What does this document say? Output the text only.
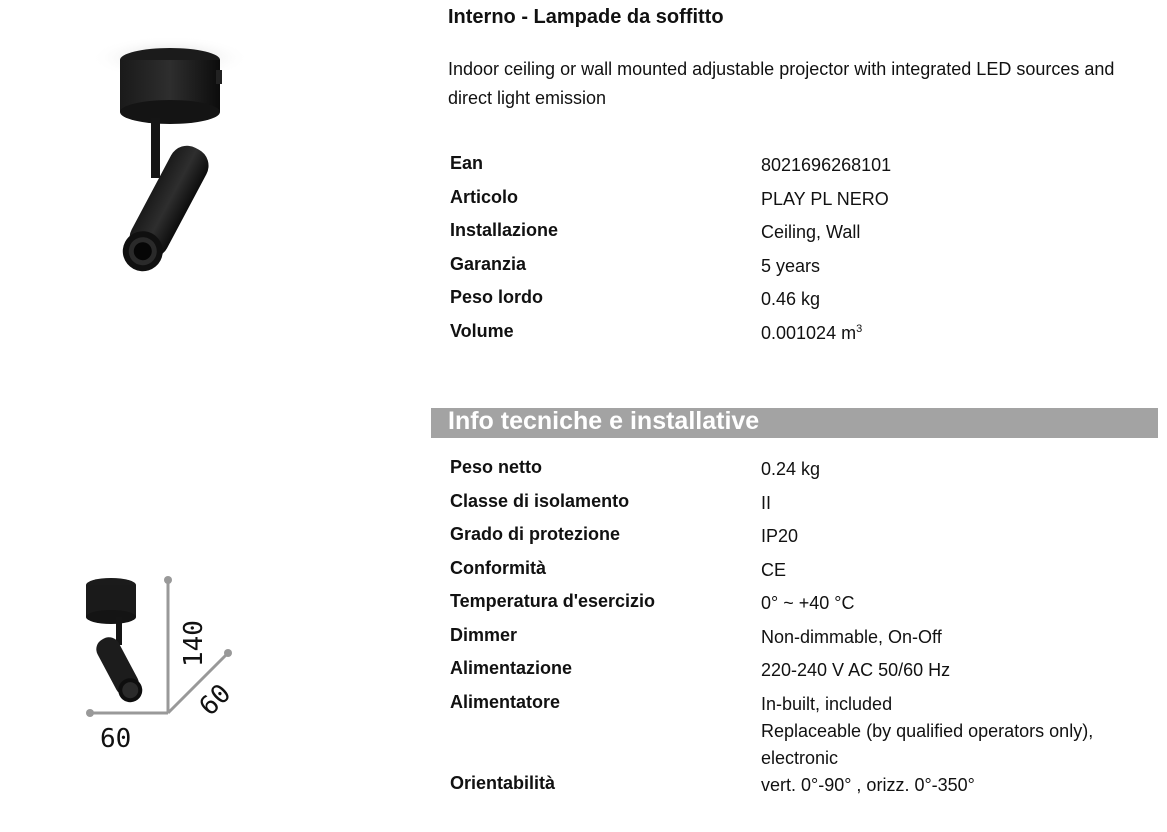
140
60
60
Interno - Lampade da soffitto
Indoor ceiling or wall mounted adjustable projector with integrated LED sources and direct light emission
Ean	8021696268101
Articolo	PLAY PL NERO
Installazione	Ceiling, Wall
Garanzia	5 years
Peso lordo	0.46 kg
Volume	0.001024 $m^3$
Info tecniche e installative
Peso netto	0.24 kg
Classe di isolamento	II
Grado di protezione	IP20
Conformità	CE
Temperatura d'esercizio	0° ~ +40 °C
Dimmer	Non-dimmable, On-Off
Alimentazione	220-240 V AC 50/60 Hz
Alimentatore	In-built, included
Replaceable (by qualified operators only),
electronic
Orientabilità	vert. 0°-90° , orizz. 0°-350°
